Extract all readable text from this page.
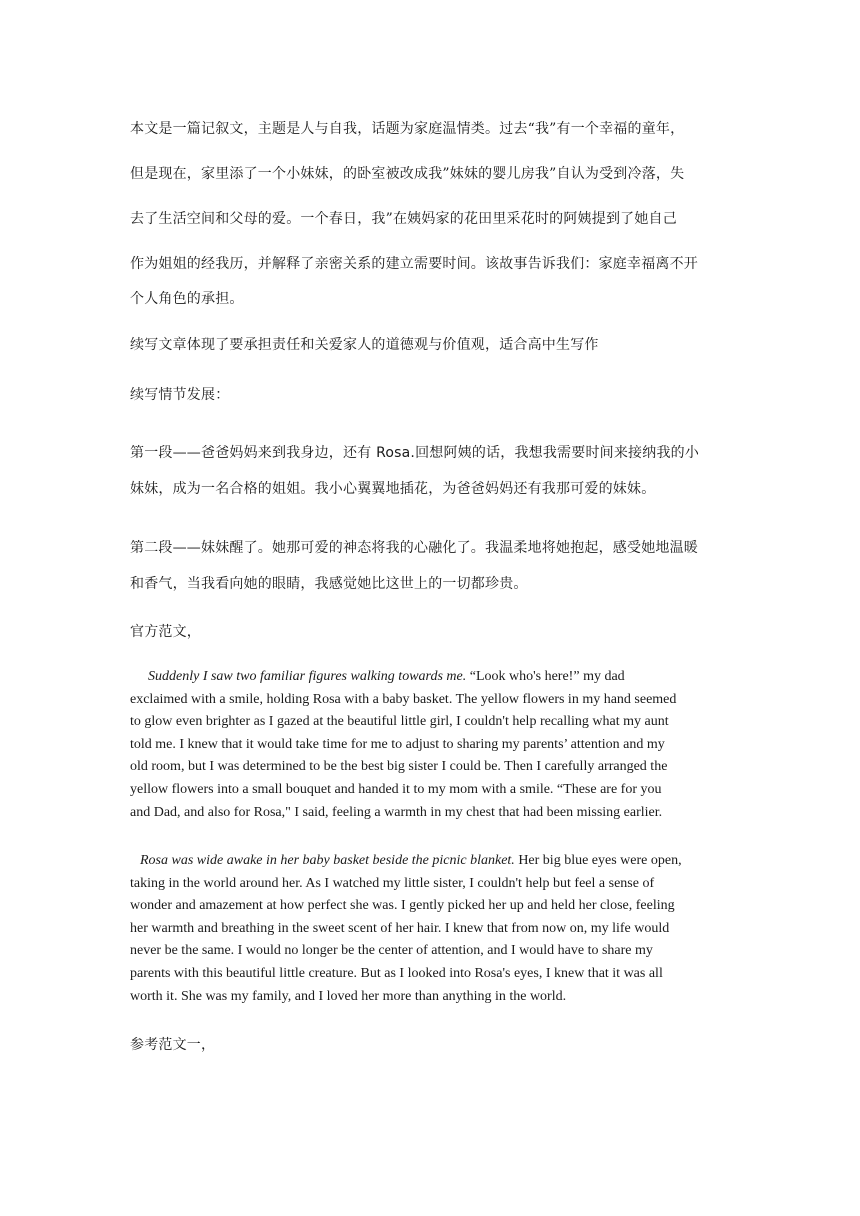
本文是一篇记叙文，主题是人与自我，话题为家庭温情类。过去“我”有一个幸福的童年，

但是现在，家里添了一个小妹妹，的卧室被改成我”妹妹的婴儿房我”自认为受到冷落，失

去了生活空间和父母的爱。一个春日，我”在姨妈家的花田里采花时的阿姨提到了她自己

作为姐姐的经我历，并解释了亲密关系的建立需要时间。该故事告诉我们：家庭幸福离不开

个人角色的承担。

续写文章体现了要承担责任和关爱家人的道德观与价值观，适合高中生写作

续写情节发展：

第一段——爸爸妈妈来到我身边，还有 Rosa.回想阿姨的话，我想我需要时间来接纳我的小

妹妹，成为一名合格的姐姐。我小心翼翼地插花，为爸爸妈妈还有我那可爱的妹妹。

第二段——妹妹醒了。她那可爱的神态将我的心融化了。我温柔地将她抱起，感受她地温暖

和香气，当我看向她的眼睛，我感觉她比这世上的一切都珍贵。

官方范文，

Suddenly I saw two familiar figures walking towards me. “Look who's here!” my dad
exclaimed with a smile, holding Rosa with a baby basket. The yellow flowers in my hand seemed
to glow even brighter as I gazed at the beautiful little girl, I couldn't help recalling what my aunt
told me. I knew that it would take time for me to adjust to sharing my parents’ attention and my
old room, but I was determined to be the best big sister I could be. Then I carefully arranged the
yellow flowers into a small bouquet and handed it to my mom with a smile. “These are for you
and Dad, and also for Rosa," I said, feeling a warmth in my chest that had been missing earlier.
Rosa was wide awake in her baby basket beside the picnic blanket. Her big blue eyes were open,
taking in the world around her. As I watched my little sister, I couldn't help but feel a sense of
wonder and amazement at how perfect she was. I gently picked her up and held her close, feeling
her warmth and breathing in the sweet scent of her hair. I knew that from now on, my life would
never be the same. I would no longer be the center of attention, and I would have to share my
parents with this beautiful little creature. But as I looked into Rosa's eyes, I knew that it was all
worth it. She was my family, and I loved her more than anything in the world.

参考范文一，
